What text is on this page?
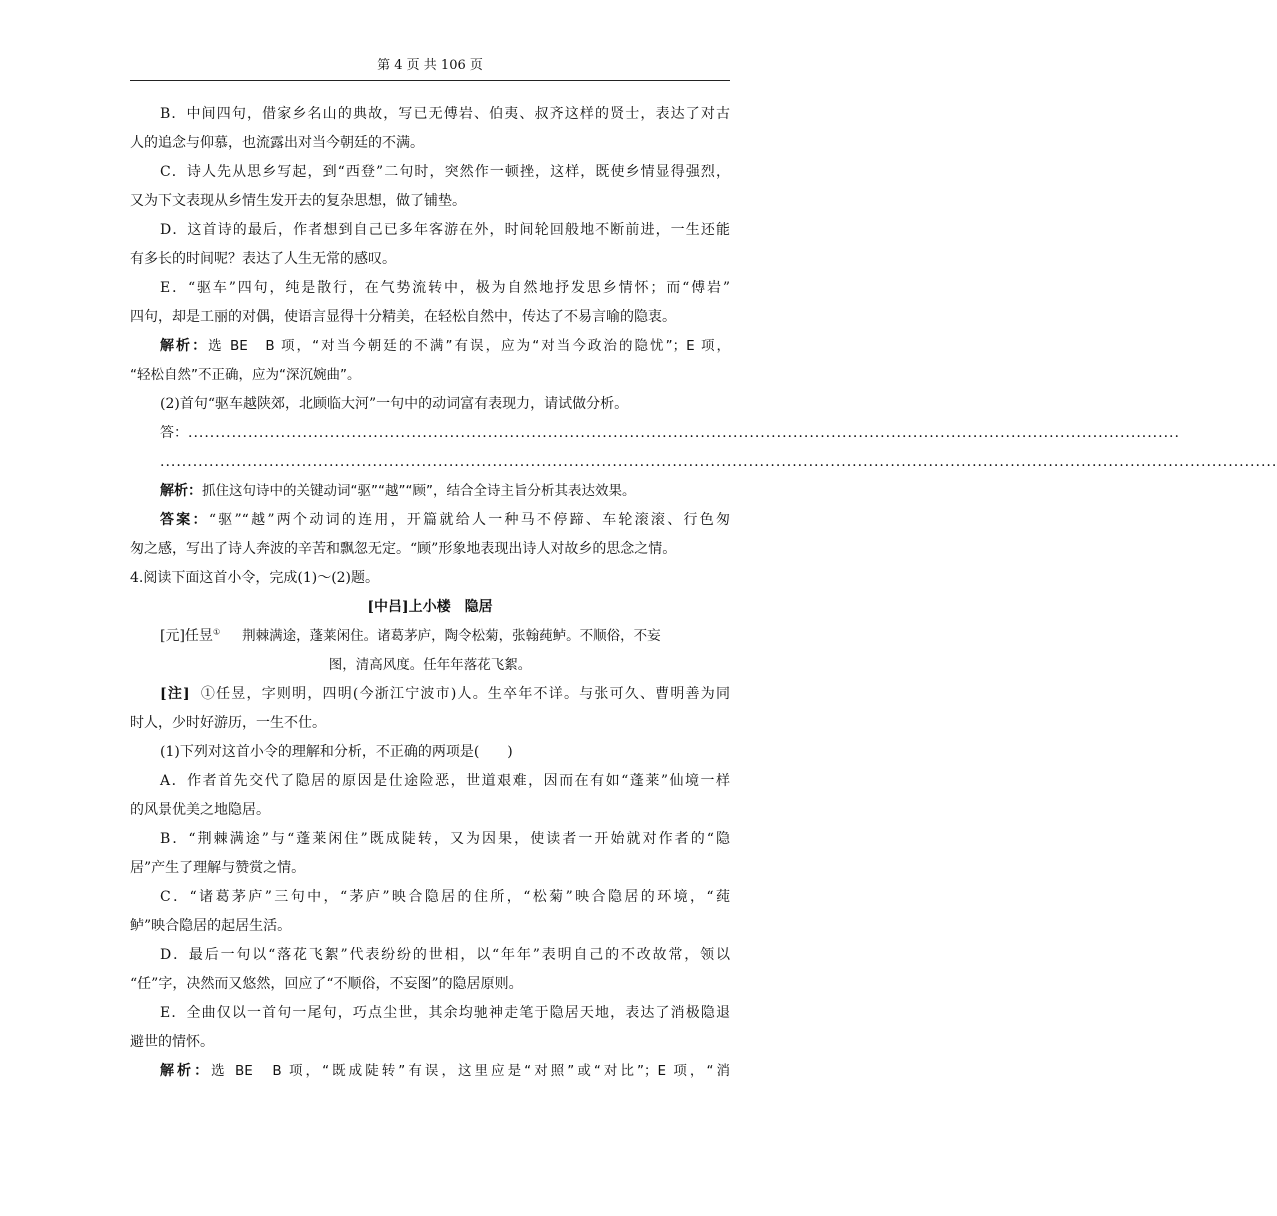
第 4 页 共 106 页
B．中间四句，借家乡名山的典故，写已无傅岩、伯夷、叔齐这样的贤士，表达了对古
人的追念与仰慕，也流露出对当今朝廷的不满。
C．诗人先从思乡写起，到“西登”二句时，突然作一顿挫，这样，既使乡情显得强烈，
又为下文表现从乡情生发开去的复杂思想，做了铺垫。
D．这首诗的最后，作者想到自己已多年客游在外，时间轮回般地不断前进，一生还能
有多长的时间呢？表达了人生无常的感叹。
E．“驱车”四句，纯是散行，在气势流转中，极为自然地抒发思乡情怀；而“傅岩”
四句，却是工丽的对偶，使语言显得十分精美，在轻松自然中，传达了不易言喻的隐衷。
解析：选 BE　B 项，“对当今朝廷的不满”有误，应为“对当今政治的隐忧”；E 项，
“轻松自然”不正确，应为“深沉婉曲”。
(2)首句“驱车越陕郊，北顾临大河”一句中的动词富有表现力，请试做分析。
答：......................................................................................................................................................................................
.............................................................................................................................................................................................................
解析：抓住这句诗中的关键动词“驱”“越”“顾”，结合全诗主旨分析其表达效果。
答案：“驱”“越”两个动词的连用，开篇就给人一种马不停蹄、车轮滚滚、行色匆
匆之感，写出了诗人奔波的辛苦和飘忽无定。“顾”形象地表现出诗人对故乡的思念之情。
4.阅读下面这首小令，完成(1)～(2)题。
[中吕]上小楼　隐居
[元]任昱① 荆棘满途，蓬莱闲住。诸葛茅庐，陶令松菊，张翰莼鲈。不顺俗，不妄
图，清高风度。任年年落花飞絮。
[注] ①任昱，字则明，四明(今浙江宁波市)人。生卒年不详。与张可久、曹明善为同
时人，少时好游历，一生不仕。
(1)下列对这首小令的理解和分析，不正确的两项是(　　)
A．作者首先交代了隐居的原因是仕途险恶，世道艰难，因而在有如“蓬莱”仙境一样
的风景优美之地隐居。
B．“荆棘满途”与“蓬莱闲住”既成陡转，又为因果，使读者一开始就对作者的“隐
居”产生了理解与赞赏之情。
C．“诸葛茅庐”三句中，“茅庐”映合隐居的住所，“松菊”映合隐居的环境，“莼
鲈”映合隐居的起居生活。
D．最后一句以“落花飞絮”代表纷纷的世相，以“年年”表明自己的不改故常，领以
“任”字，决然而又悠然，回应了“不顺俗，不妄图”的隐居原则。
E．全曲仅以一首句一尾句，巧点尘世，其余均驰神走笔于隐居天地，表达了消极隐退
避世的情怀。
解析：选 BE　B 项，“既成陡转”有误，这里应是“对照”或“对比”；E 项，“消
